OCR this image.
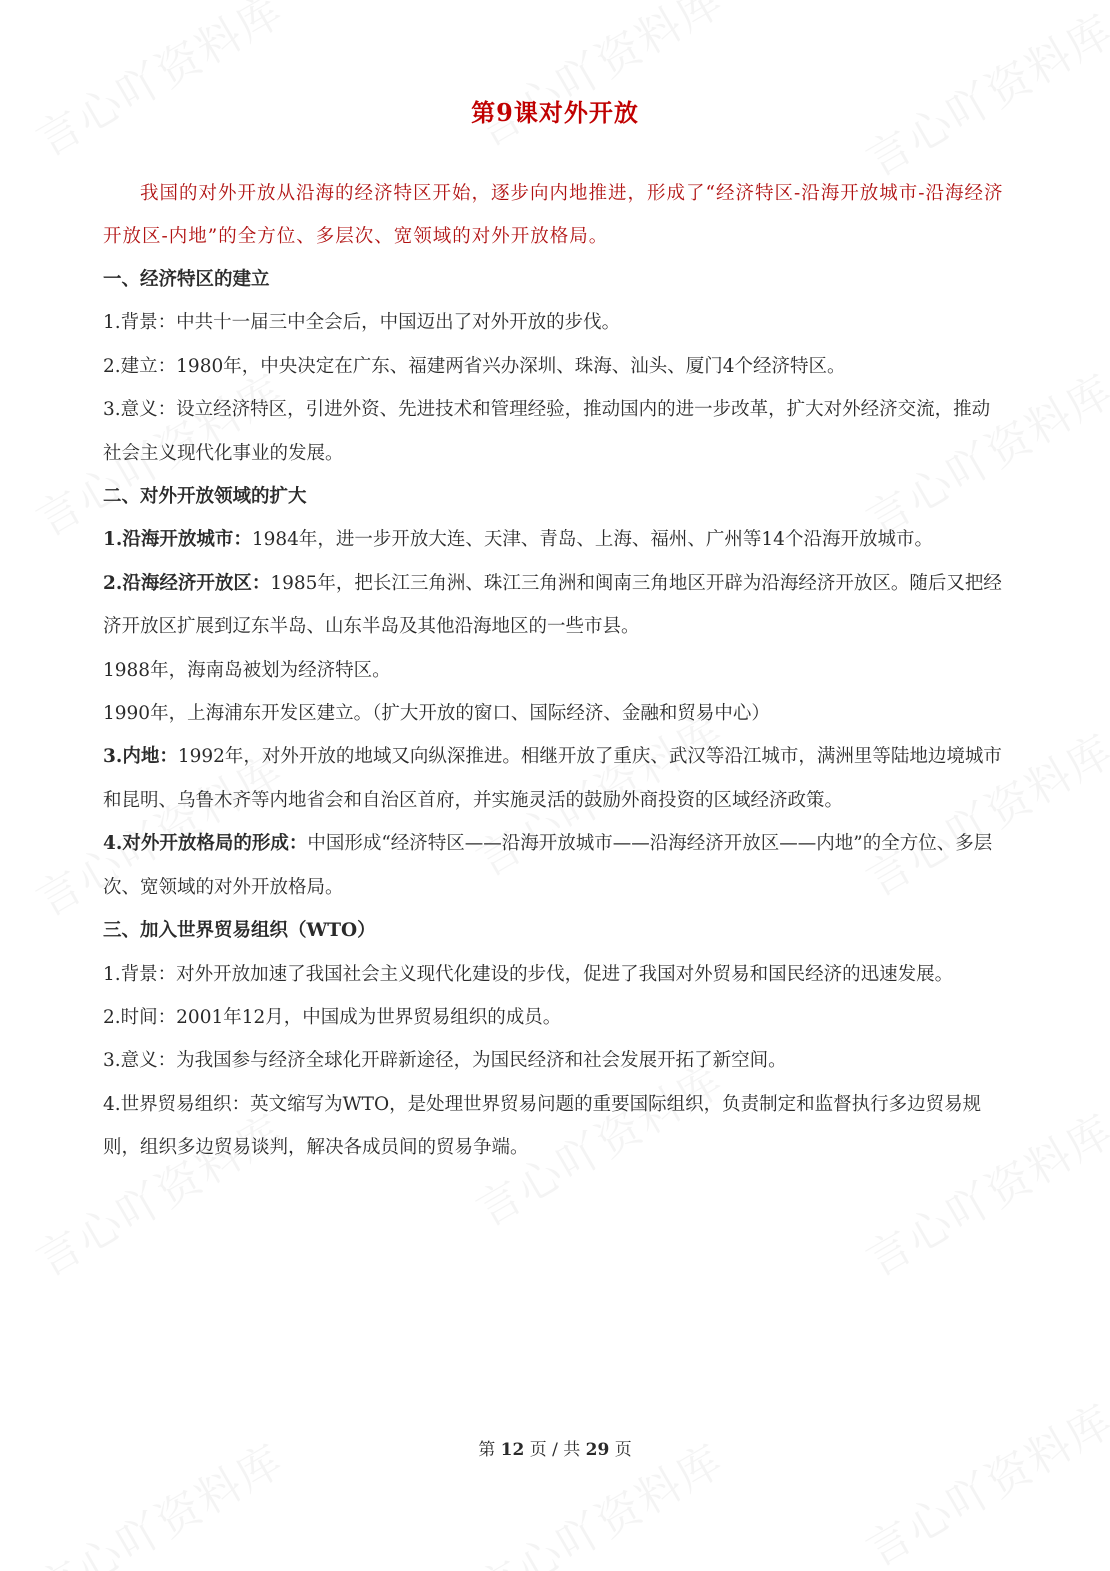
第9课对外开放
我国的对外开放从沿海的经济特区开始，逐步向内地推进，形成了“经济特区-沿海开放城市-沿海经济开放区-内地”的全方位、多层次、宽领域的对外开放格局。
一、经济特区的建立
1.背景：中共十一届三中全会后，中国迈出了对外开放的步伐。
2.建立：1980年，中央决定在广东、福建两省兴办深圳、珠海、汕头、厦门4个经济特区。
3.意义：设立经济特区，引进外资、先进技术和管理经验，推动国内的进一步改革，扩大对外经济交流，推动社会主义现代化事业的发展。
二、对外开放领域的扩大
1.沿海开放城市：1984年，进一步开放大连、天津、青岛、上海、福州、广州等14个沿海开放城市。
2.沿海经济开放区：1985年，把长江三角洲、珠江三角洲和闽南三角地区开辟为沿海经济开放区。随后又把经济开放区扩展到辽东半岛、山东半岛及其他沿海地区的一些市县。
1988年，海南岛被划为经济特区。
1990年，上海浦东开发区建立。（扩大开放的窗口、国际经济、金融和贸易中心）
3.内地：1992年，对外开放的地域又向纵深推进。相继开放了重庆、武汉等沿江城市，满洲里等陆地边境城市和昆明、乌鲁木齐等内地省会和自治区首府，并实施灵活的鼓励外商投资的区域经济政策。
4.对外开放格局的形成：中国形成“经济特区——沿海开放城市——沿海经济开放区——内地”的全方位、多层次、宽领域的对外开放格局。
三、加入世界贸易组织（WTO）
1.背景：对外开放加速了我国社会主义现代化建设的步伐，促进了我国对外贸易和国民经济的迅速发展。
2.时间：2001年12月，中国成为世界贸易组织的成员。
3.意义：为我国参与经济全球化开辟新途径，为国民经济和社会发展开拓了新空间。
4.世界贸易组织：英文缩写为WTO，是处理世界贸易问题的重要国际组织，负责制定和监督执行多边贸易规则，组织多边贸易谈判，解决各成员间的贸易争端。
第 12 页 / 共 29 页
